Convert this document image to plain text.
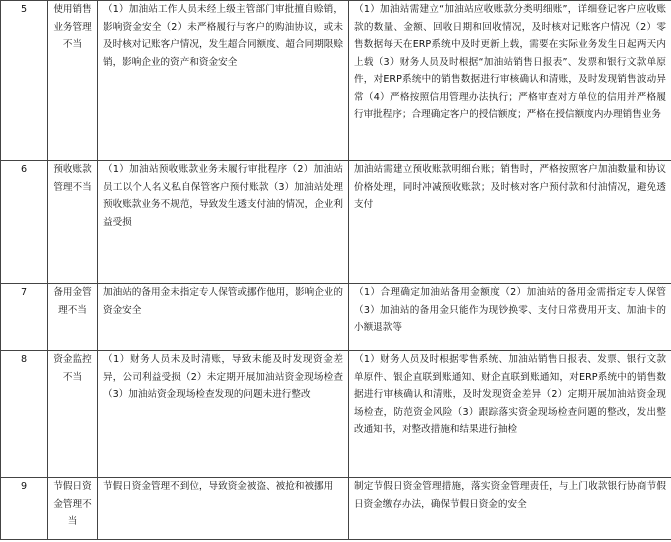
5	使用销售业务管理不当	（1）加油站工作人员未经上级主管部门审批擅自赊销，影响资金安全（2）未严格履行与客户的购油协议，或未及时核对记账客户情况，发生超合同额度、超合同期限赊销，影响企业的资产和资金安全	（1）加油站需建立“加油站应收账款分类明细账”，详细登记客户应收账款的数量、金额、回收日期和回收情况，及时核对记账客户情况（2）零售数据每天在ERP系统中及时更新上载，需要在实际业务发生日起两天内上载（3）财务人员及时根据“加油站销售日报表”、发票和银行文款单原件，对ERP系统中的销售数据进行审核确认和清账，及时发现销售波动异常（4）严格按照信用管理办法执行；严格审查对方单位的信用并严格履行审批程序；合理确定客户的授信额度；严格在授信额度内办理销售业务

6	预收账款管理不当	（1）加油站预收账款业务未履行审批程序（2）加油站员工以个人名义私自保管客户预付账款（3）加油站处理预收账款业务不规范，导致发生透支付油的情况，企业利益受损	加油站需建立预收账款明细台账；销售时，严格按照客户加油数量和协议价格处理，同时冲减预收账款；及时核对客户预付款和付油情况，避免透支付

7	备用金管理不当	加油站的备用金未指定专人保管或挪作他用，影响企业的资金安全	（1）合理确定加油站备用金额度（2）加油站的备用金需指定专人保管（3）加油站的备用金只能作为现钞换零、支付日常费用开支、加油卡的小额退款等

8	资金监控不当	（1）财务人员未及时清账，导致未能及时发现资金差异，公司利益受损（2）未定期开展加油站资金现场检查（3）加油站资金现场检查发现的问题未进行整改	（1）财务人员及时根据零售系统、加油站销售日报表、发票、银行文款单原件、银企直联到账通知、财企直联到账通知，对ERP系统中的销售数据进行审核确认和清账，及时发现资金差异（2）定期开展加油站资金现场检查，防范资金风险（3）跟踪落实资金现场检查问题的整改，发出整改通知书，对整改措施和结果进行抽检

9	节假日资金管理不当	节假日资金管理不到位，导致资金被盗、被抢和被挪用	制定节假日资金管理措施，落实资金管理责任，与上门收款银行协商节假日资金缴存办法，确保节假日资金的安全
